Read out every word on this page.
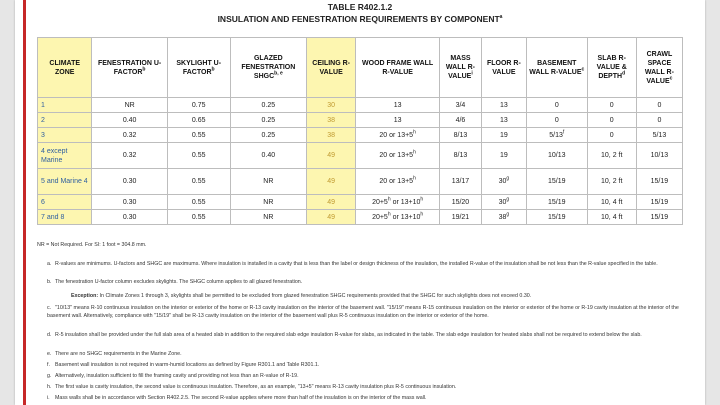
TABLE R402.1.2
INSULATION AND FENESTRATION REQUIREMENTS BY COMPONENT$^a$
CLIMATE ZONE	FENESTRATION U-FACTOR$^b$	SKYLIGHT U-FACTOR$^b$	GLAZED FENESTRATION SHGC$^{b, e}$	CEILING R-VALUE	WOOD FRAME WALL R-VALUE	MASS WALL R-VALUE$^i$	FLOOR R-VALUE	BASEMENT WALL R-VALUE$^c$	SLAB R-VALUE & DEPTH$^d$	CRAWL SPACE WALL R-VALUE$^c$
1	NR	0.75	0.25	30	13	3/4	13	0	0	0
2	0.40	0.65	0.25	38	13	4/6	13	0	0	0
3	0.32	0.55	0.25	38	20 or $13+5^h$	8/13	19	5/13$^f$	0	5/13
4 except Marine	0.32	0.55	0.40	49	20 or $13+5^h$	8/13	19	10/13	10, 2 ft	10/13
5 and Marine 4	0.30	0.55	NR	49	20 or $13+5^h$	13/17	30$^g$	15/19	10, 2 ft	15/19
6	0.30	0.55	NR	49	$20+5^h$ or $13+10^h$	15/20	30$^g$	15/19	10, 4 ft	15/19
7 and 8	0.30	0.55	NR	49	$20+5^h$ or $13+10^h$	19/21	38$^g$	15/19	10, 4 ft	15/19
NR = Not Required. For SI: 1 foot = 304.8 mm.
a. R-values are minimums. U-factors and SHGC are maximums. Where insulation is installed in a cavity that is less than the label or design thickness of the insulation, the installed R-value of the insulation shall be not less than the R-value specified in the table.
b. The fenestration U-factor column excludes skylights. The SHGC column applies to all glazed fenestration.
Exception: In Climate Zones 1 through 3, skylights shall be permitted to be excluded from glazed fenestration SHGC requirements provided that the SHGC for such skylights does not exceed 0.30.
c. "10/13" means R-10 continuous insulation on the interior or exterior of the home or R-13 cavity insulation on the interior of the basement wall. "15/19" means R-15 continuous insulation on the interior or exterior of the home or R-19 cavity insulation at the interior of the basement wall. Alternatively, compliance with "15/19" shall be R-13 cavity insulation on the interior of the basement wall plus R-5 continuous insulation on the interior or exterior of the home.
d. R-5 insulation shall be provided under the full slab area of a heated slab in addition to the required slab edge insulation R-value for slabs, as indicated in the table. The slab edge insulation for heated slabs shall not be required to extend below the slab.
e. There are no SHGC requirements in the Marine Zone.
f. Basement wall insulation is not required in warm-humid locations as defined by Figure R301.1 and Table R301.1.
g. Alternatively, insulation sufficient to fill the framing cavity and providing not less than an R-value of R-19.
h. The first value is cavity insulation, the second value is continuous insulation. Therefore, as an example, "13+5" means R-13 cavity insulation plus R-5 continuous insulation.
i. Mass walls shall be in accordance with Section R402.2.5. The second R-value applies where more than half of the insulation is on the interior of the mass wall.
